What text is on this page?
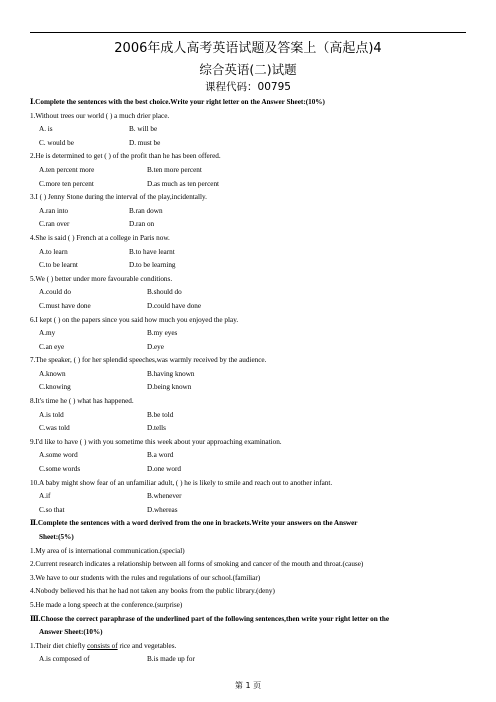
2006年成人高考英语试题及答案上（高起点)4
综合英语(二)试题
课程代码：00795
Ⅰ.Complete the sentences with the best choice.Write your right letter on the Answer Sheet:(10%)
1.Without trees our world ( ) a much drier place.
A. is	B. will be
C. would be	D. must be
2.He is determined to get ( ) of the profit than he has been offered.
A.ten percent more	B.ten more percent
C.more ten percent	D.as much as ten percent
3.I ( ) Jenny Stone during the interval of the play,incidentally.
A.ran into	B.ran down
C.ran over	D.ran on
4.She is said ( ) French at a college in Paris now.
A.to learn	B.to have learnt
C.to be learnt	D.to be learning
5.We ( ) better under more favourable conditions.
A.could do	B.should do
C.must have done	D.could have done
6.I kept ( ) on the papers since you said how much you enjoyed the play.
A.my	B.my eyes
C.an eye	D.eye
7.The speaker, ( ) for her splendid speeches,was warmly received by the audience.
A.known	B.having known
C.knowing	D.being known
8.It's time he ( ) what has happened.
A.is told	B.be told
C.was told	D.tells
9.I'd like to have ( ) with you sometime this week about your approaching examination.
A.some word	B.a word
C.some words	D.one word
10.A baby might show fear of an unfamiliar adult, ( ) he is likely to smile and reach out to another infant.
A.if	B.whenever
C.so that	D.whereas
Ⅱ.Complete the sentences with a word derived from the one in brackets.Write your answers on the Answer
Sheet:(5%)
1.My area of is international communication.(special)
2.Current research indicates a relationship between all forms of smoking and cancer of the mouth and throat.(cause)
3.We have to our students with the rules and regulations of our school.(familiar)
4.Nobody believed his that he had not taken any books from the public library.(deny)
5.He made a long speech at the conference.(surprise)
Ⅲ.Choose the correct paraphrase of the underlined part of the following sentences,then write your right letter on the
Answer Sheet:(10%)
1.Their diet chiefly consists of rice and vegetables.
A.is composed of	B.is made up for
第 1 页
